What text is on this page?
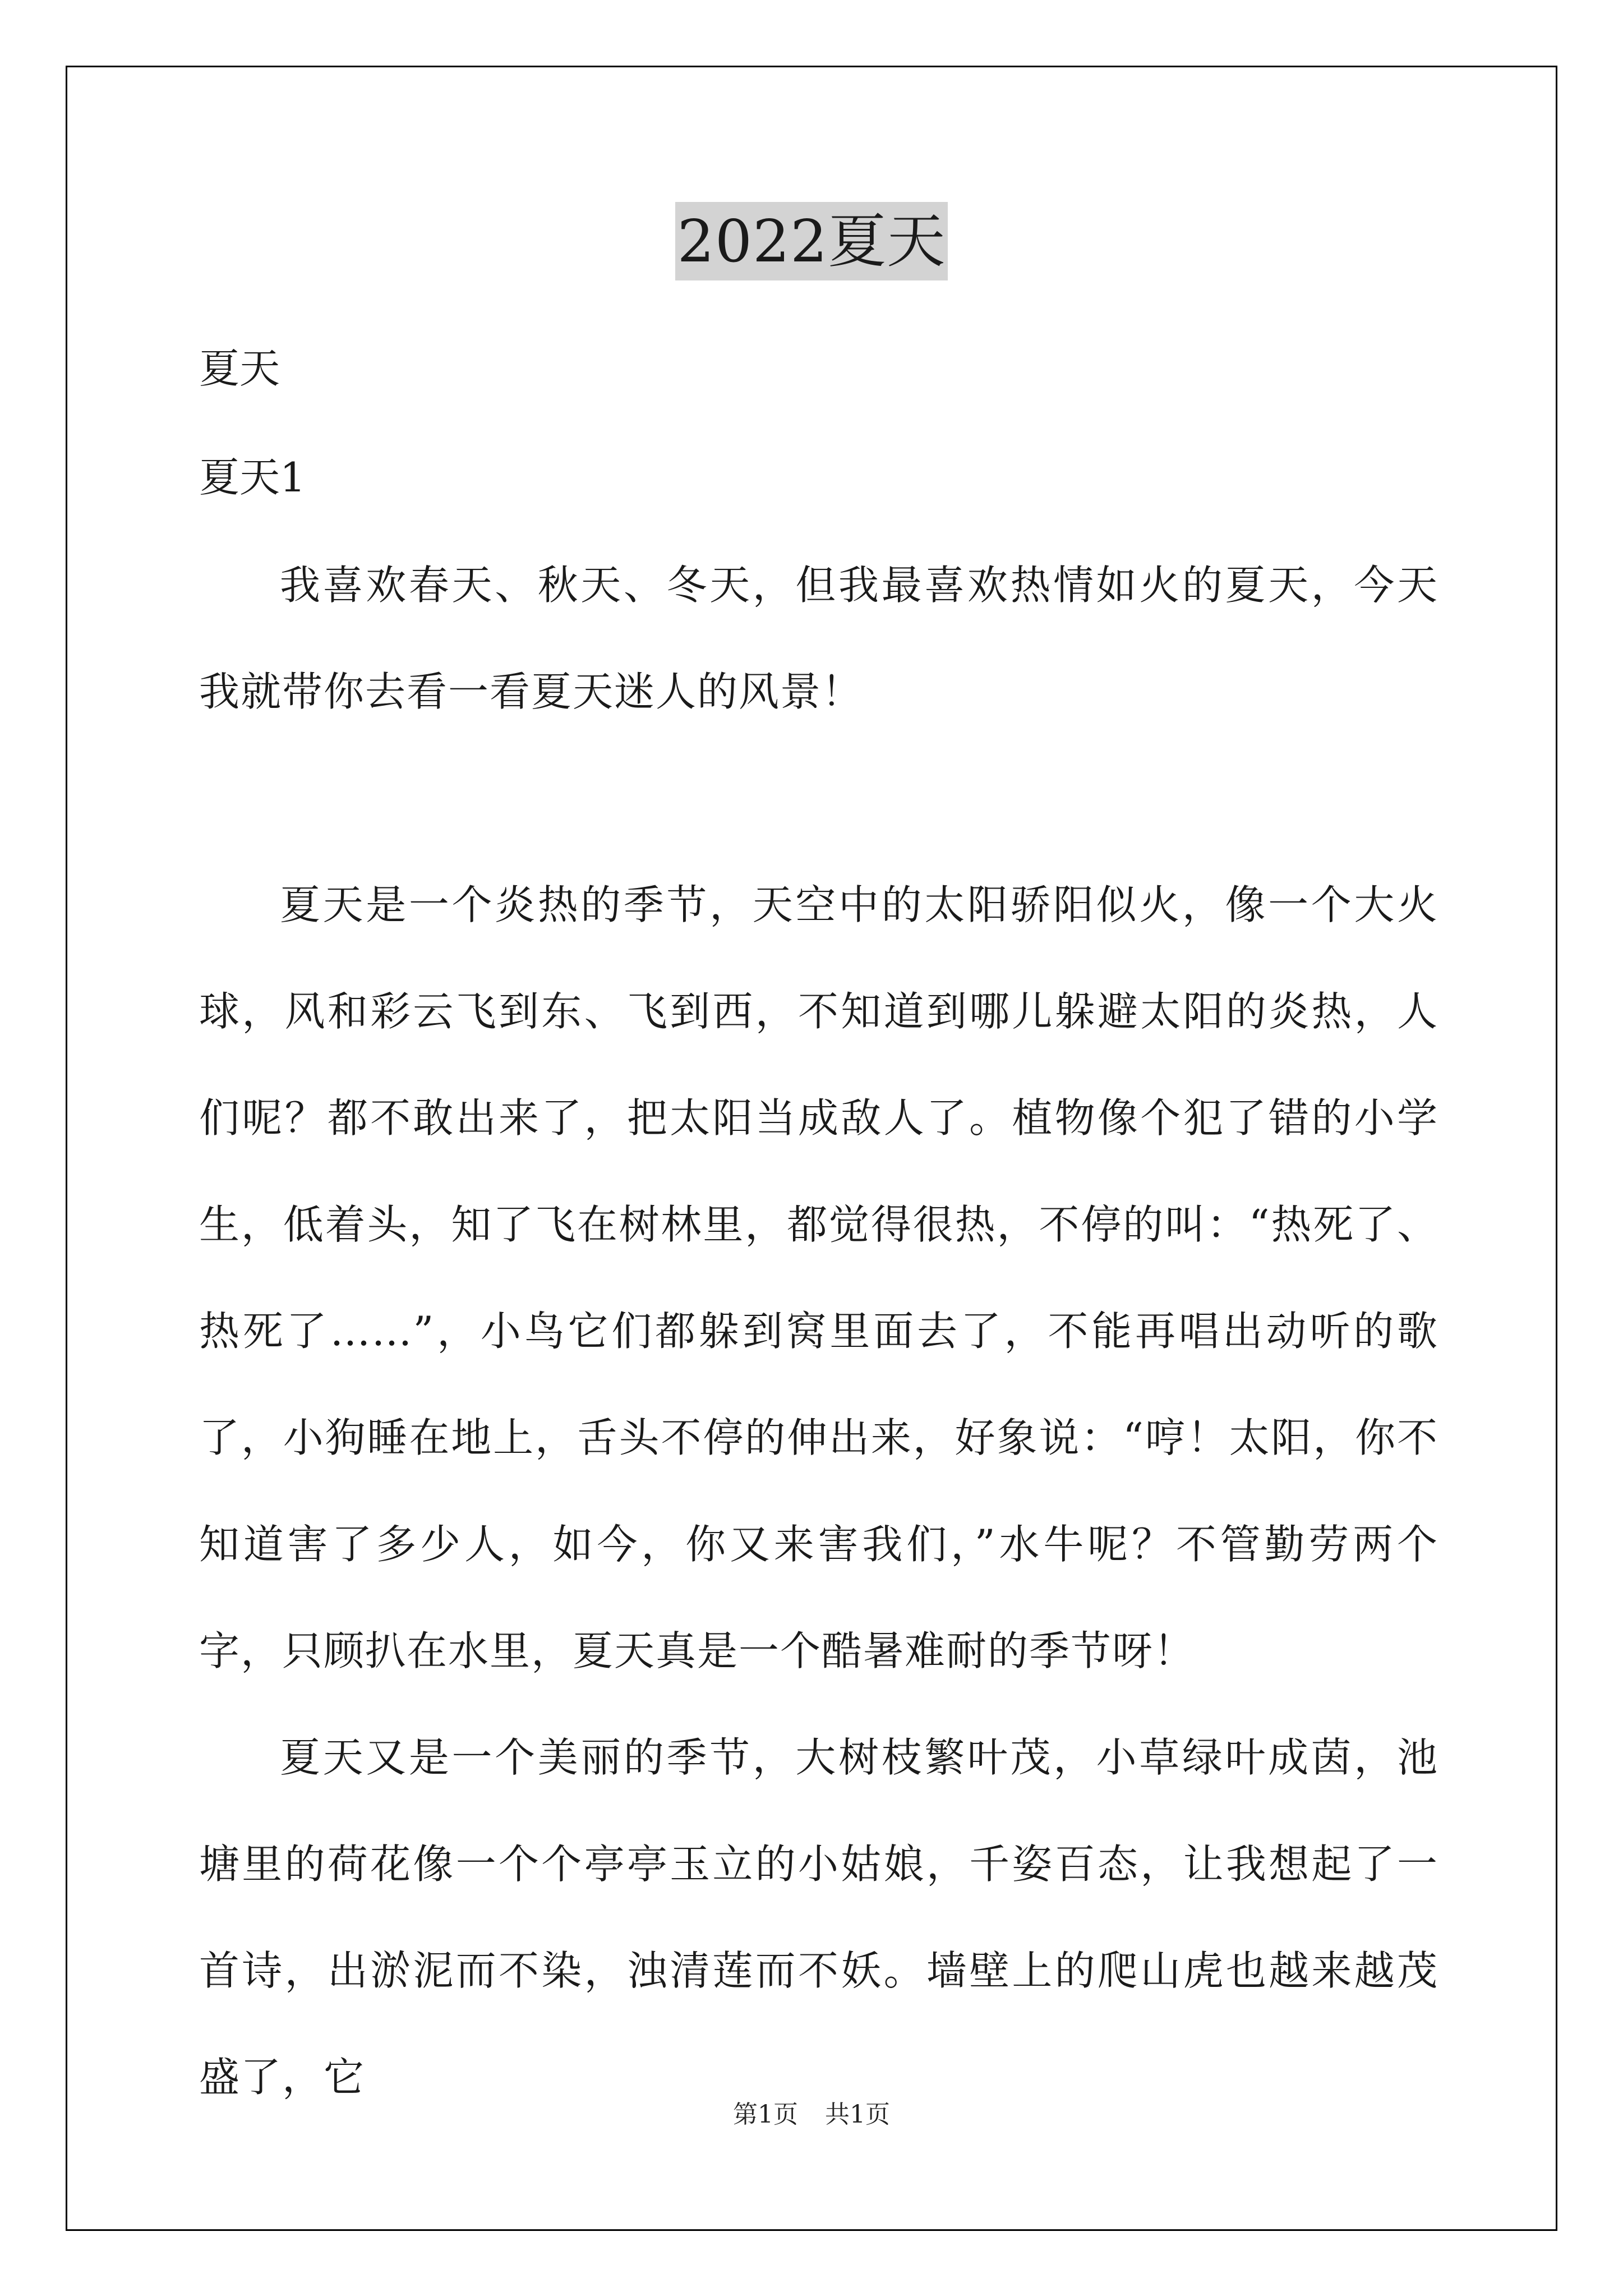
2022夏天

夏天

夏天1

我喜欢春天、秋天、冬天，但我最喜欢热情如火的夏天，今天我就带你去看一看夏天迷人的风景！

夏天是一个炎热的季节，天空中的太阳骄阳似火，像一个大火球，风和彩云飞到东、飞到西，不知道到哪儿躲避太阳的炎热，人们呢？都不敢出来了，把太阳当成敌人了。植物像个犯了错的小学生，低着头，知了飞在树林里，都觉得很热，不停的叫：“热死了、热死了……”，小鸟它们都躲到窝里面去了，不能再唱出动听的歌了，小狗睡在地上，舌头不停的伸出来，好象说：“哼！太阳，你不知道害了多少人，如今，你又来害我们，”水牛呢？不管勤劳两个字，只顾扒在水里，夏天真是一个酷暑难耐的季节呀！

夏天又是一个美丽的季节，大树枝繁叶茂，小草绿叶成茵，池塘里的荷花像一个个亭亭玉立的小姑娘，千姿百态，让我想起了一首诗，出淤泥而不染，浊清莲而不妖。墙壁上的爬山虎也越来越茂盛了，它

第1页 共1页
